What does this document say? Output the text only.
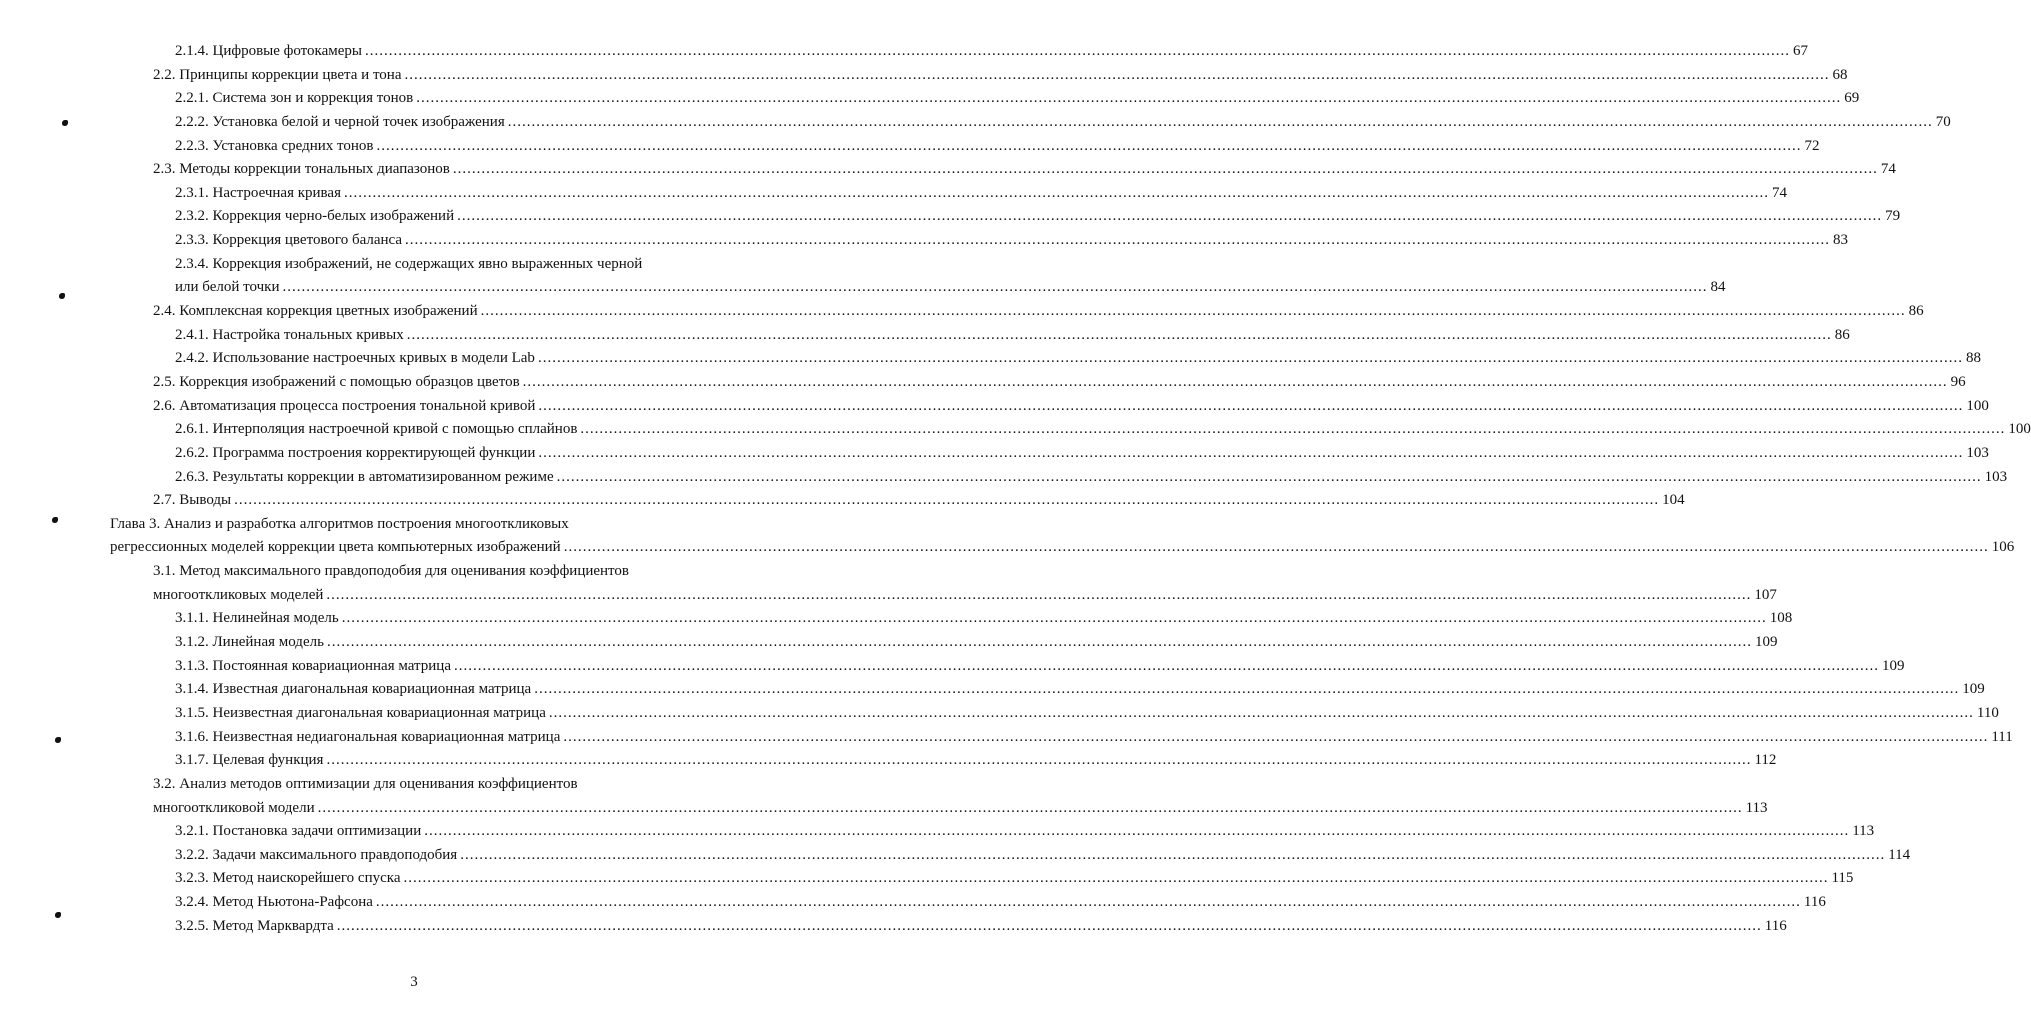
2.1.4. Цифровые фотокамеры ............................................................................................................................................................................................................................................................................................................ 67
2.2. Принципы коррекции цвета и тона ............................................................................................................................................................................................................................................................................................................ 68
2.2.1. Система зон и коррекция тонов ............................................................................................................................................................................................................................................................................................................ 69
2.2.2. Установка белой и черной точек изображения ............................................................................................................................................................................................................................................................................................................ 70
2.2.3. Установка средних тонов ............................................................................................................................................................................................................................................................................................................ 72
2.3. Методы коррекции тональных диапазонов ............................................................................................................................................................................................................................................................................................................ 74
2.3.1. Настроечная кривая ............................................................................................................................................................................................................................................................................................................ 74
2.3.2. Коррекция черно-белых изображений ............................................................................................................................................................................................................................................................................................................ 79
2.3.3. Коррекция цветового баланса ............................................................................................................................................................................................................................................................................................................ 83
2.3.4. Коррекция изображений, не содержащих явно выраженных черной
или белой точки ............................................................................................................................................................................................................................................................................................................ 84
2.4. Комплексная коррекция цветных изображений ............................................................................................................................................................................................................................................................................................................ 86
2.4.1. Настройка тональных кривых ............................................................................................................................................................................................................................................................................................................ 86
2.4.2. Использование настроечных кривых в модели Lab ............................................................................................................................................................................................................................................................................................................ 88
2.5. Коррекция изображений с помощью образцов цветов ............................................................................................................................................................................................................................................................................................................ 96
2.6. Автоматизация процесса построения тональной кривой ............................................................................................................................................................................................................................................................................................................ 100
2.6.1. Интерполяция настроечной кривой с помощью сплайнов ............................................................................................................................................................................................................................................................................................................ 100
2.6.2. Программа построения корректирующей функции ............................................................................................................................................................................................................................................................................................................ 103
2.6.3. Результаты коррекции в автоматизированном режиме ............................................................................................................................................................................................................................................................................................................ 103
2.7. Выводы ............................................................................................................................................................................................................................................................................................................ 104
Глава 3. Анализ и разработка алгоритмов построения многооткликовых
регрессионных моделей коррекции цвета компьютерных изображений ............................................................................................................................................................................................................................................................................................................ 106
3.1. Метод максимального правдоподобия для оценивания коэффициентов
многооткликовых моделей ............................................................................................................................................................................................................................................................................................................ 107
3.1.1. Нелинейная модель ............................................................................................................................................................................................................................................................................................................ 108
3.1.2. Линейная модель ............................................................................................................................................................................................................................................................................................................ 109
3.1.3. Постоянная ковариационная матрица ............................................................................................................................................................................................................................................................................................................ 109
3.1.4. Известная диагональная ковариационная матрица ............................................................................................................................................................................................................................................................................................................ 109
3.1.5. Неизвестная диагональная ковариационная матрица ............................................................................................................................................................................................................................................................................................................ 110
3.1.6. Неизвестная недиагональная ковариационная матрица ............................................................................................................................................................................................................................................................................................................ 111
3.1.7. Целевая функция ............................................................................................................................................................................................................................................................................................................ 112
3.2. Анализ методов оптимизации для оценивания коэффициентов
многооткликовой модели ............................................................................................................................................................................................................................................................................................................ 113
3.2.1. Постановка задачи оптимизации ............................................................................................................................................................................................................................................................................................................ 113
3.2.2. Задачи максимального правдоподобия ............................................................................................................................................................................................................................................................................................................ 114
3.2.3. Метод наискорейшего спуска ............................................................................................................................................................................................................................................................................................................ 115
3.2.4. Метод Ньютона-Рафсона ............................................................................................................................................................................................................................................................................................................ 116
3.2.5. Метод Марквардта ............................................................................................................................................................................................................................................................................................................ 116
3
